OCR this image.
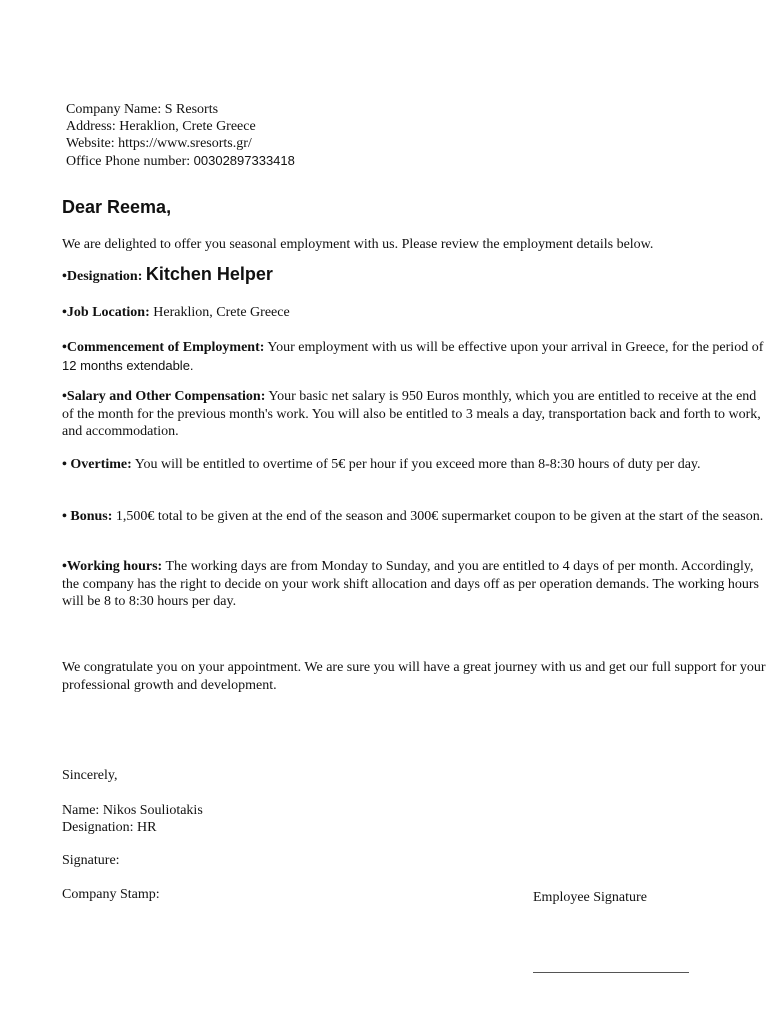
Company Name: S Resorts
Address: Heraklion, Crete Greece
Website: https://www.sresorts.gr/
Office Phone number: 00302897333418
Dear Reema,
We are delighted to offer you seasonal employment with us. Please review the employment details below.
•Designation: Kitchen Helper
•Job Location: Heraklion, Crete Greece
•Commencement of Employment: Your employment with us will be effective upon your arrival in Greece, for the period of 12 months extendable.
•Salary and Other Compensation: Your basic net salary is 950 Euros monthly, which you are entitled to receive at the end of the month for the previous month's work. You will also be entitled to 3 meals a day, transportation back and forth to work, and accommodation.
• Overtime: You will be entitled to overtime of 5€ per hour if you exceed more than 8-8:30 hours of duty per day.
• Bonus: 1,500€ total to be given at the end of the season and 300€ supermarket coupon to be given at the start of the season.
•Working hours: The working days are from Monday to Sunday, and you are entitled to 4 days of per month. Accordingly, the company has the right to decide on your work shift allocation and days off as per operation demands. The working hours will be 8 to 8:30 hours per day.
We congratulate you on your appointment. We are sure you will have a great journey with us and get our full support for your professional growth and development.
Sincerely,
Name: Nikos Souliotakis
Designation: HR
Signature:
Company Stamp:	Employee Signature
